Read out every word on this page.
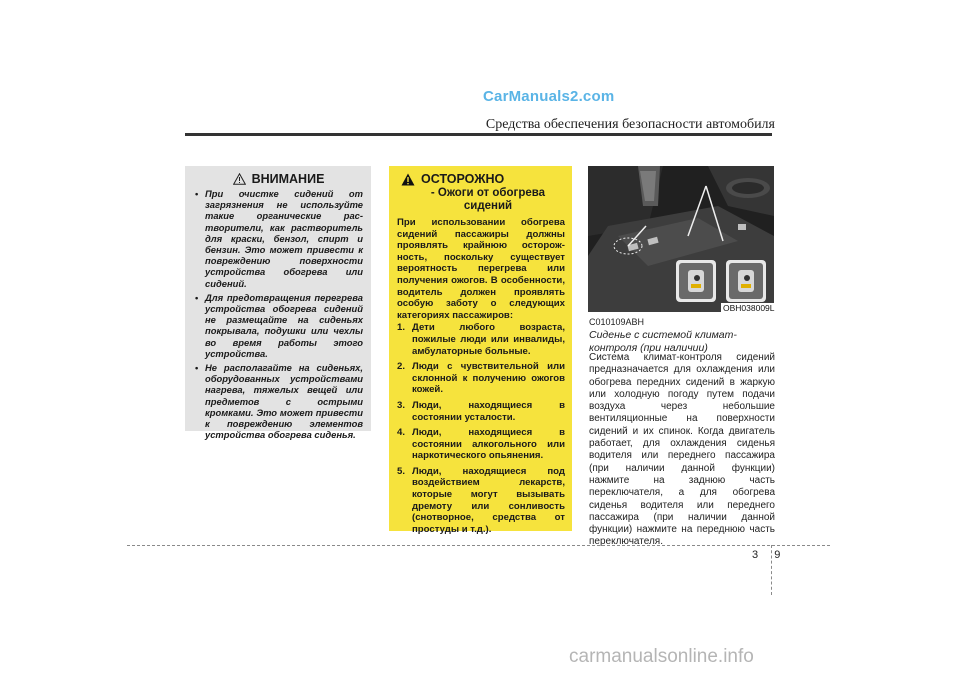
CarManuals2.com
Средства обеспечения безопасности автомобиля
ВНИМАНИЕ
• При очистке сидений от загрязнения не используйте такие органические рас-творители, как растворитель для краски, бензол, спирт и бензин. Это может привести к повреждению поверхности устройства обогрева или сидений.
• Для предотвращения перегрева устройства обогрева сидений не размещайте на сиденьях покрывала, подушки или чехлы во время работы этого устройства.
• Не располагайте на сиденьях, оборудованных устройствами нагрева, тяжелых вещей или предметов с острыми кромками. Это может привести к повреждению элементов устройства обогрева сиденья.
ОСТОРОЖНО
- Ожоги от обогрева сидений

При использовании обогрева сидений пассажиры должны проявлять крайнюю осторож-ность, поскольку существует вероятность перегрева или получения ожогов. В особенности, водитель должен проявлять особую заботу о следующих категориях пассажиров:

1. Дети любого возраста, пожилые люди или инвалиды, амбулаторные больные.
2. Люди с чувствительной или склонной к получению ожогов кожей.
3. Люди, находящиеся в состоянии усталости.
4. Люди, находящиеся в состоянии алкогольного или наркотического опьянения.
5. Люди, находящиеся под воздействием лекарств, которые могут вызывать дремоту или сонливость (снотворное, средства от простуды и т.д.).
OBH038009L
C010109ABH
Сиденье с системой климат-контроля (при наличии)

Система климат-контроля сидений предназначается для охлаждения или обогрева передних сидений в жаркую или холодную погоду путем подачи воздуха через небольшие вентиляционные на поверхности сидений и их спинок. Когда двигатель работает, для охлаждения сиденья водителя или переднего пассажира (при наличии данной функции) нажмите на заднюю часть переключателя, а для обогрева сиденья водителя или переднего пассажира (при наличии данной функции) нажмите на переднюю часть переключателя.

3 9
carmanualsonline.info
